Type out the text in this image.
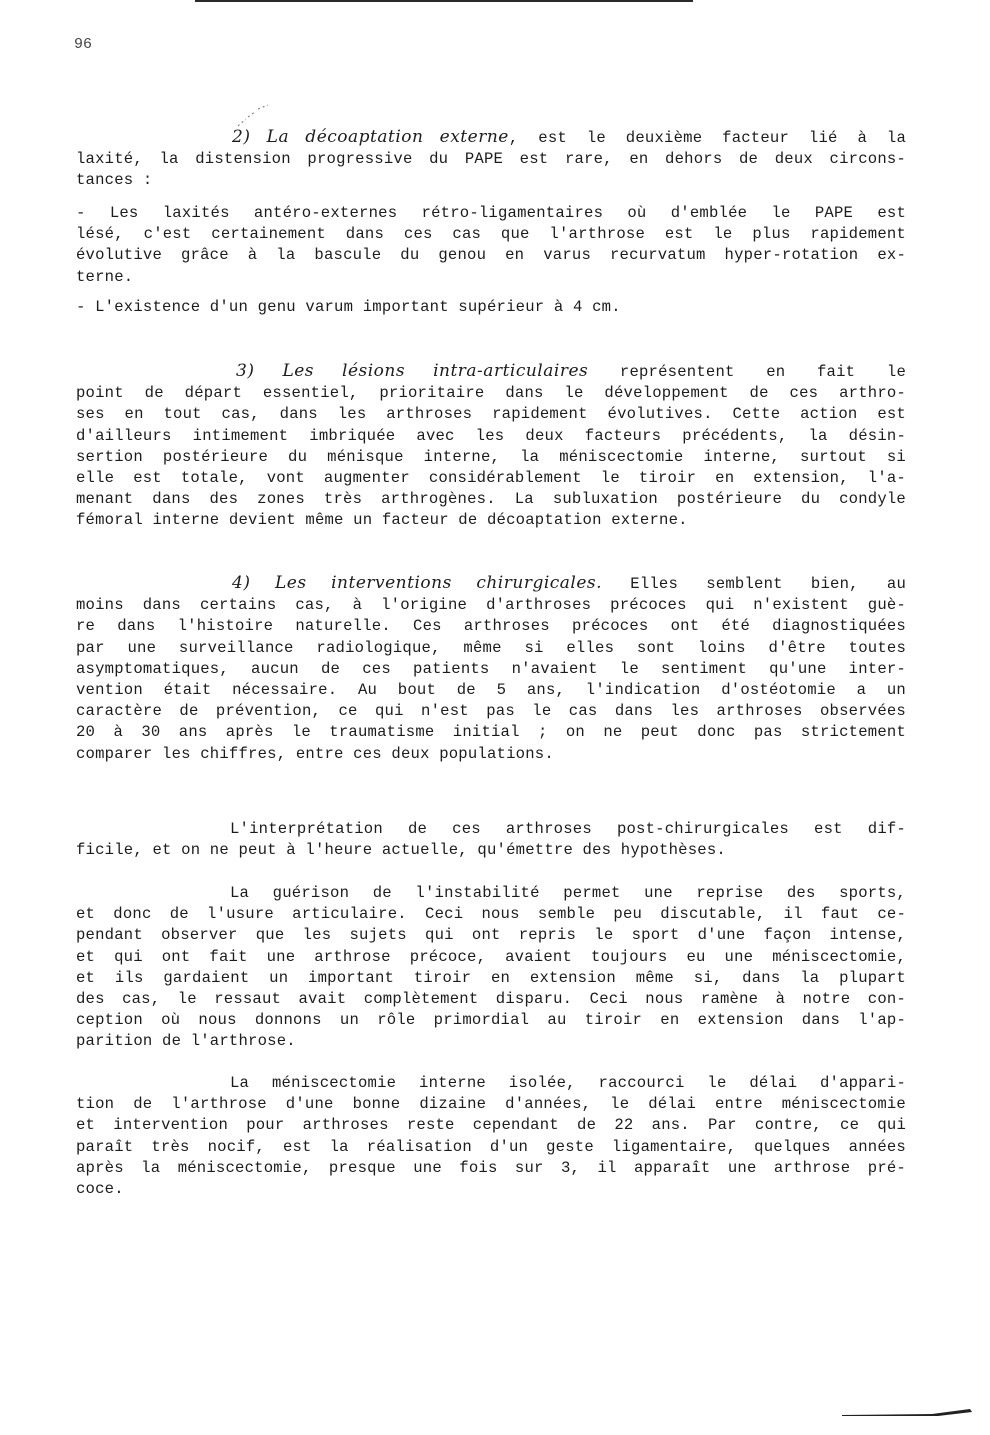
96
2) La décoaptation externe, est le deuxième facteur lié à la
laxité, la distension progressive du PAPE est rare, en dehors de deux circons-
tances :
- Les laxités antéro-externes rétro-ligamentaires où d'emblée le PAPE est
lésé, c'est certainement dans ces cas que l'arthrose est le plus rapidement
évolutive grâce à la bascule du genou en varus recurvatum hyper-rotation ex-
terne.
- L'existence d'un genu varum important supérieur à 4 cm.
3) Les lésions intra-articulaires représentent en fait le
point de départ essentiel, prioritaire dans le développement de ces arthro-
ses en tout cas, dans les arthroses rapidement évolutives. Cette action est
d'ailleurs intimement imbriquée avec les deux facteurs précédents, la désin-
sertion postérieure du ménisque interne, la méniscectomie interne, surtout si
elle est totale, vont augmenter considérablement le tiroir en extension, l'a-
menant dans des zones très arthrogènes. La subluxation postérieure du condyle
fémoral interne devient même un facteur de décoaptation externe.
4) Les interventions chirurgicales. Elles semblent bien, au
moins dans certains cas, à l'origine d'arthroses précoces qui n'existent guè-
re dans l'histoire naturelle. Ces arthroses précoces ont été diagnostiquées
par une surveillance radiologique, même si elles sont loins d'être toutes
asymptomatiques, aucun de ces patients n'avaient le sentiment qu'une inter-
vention était nécessaire. Au bout de 5 ans, l'indication d'ostéotomie a un
caractère de prévention, ce qui n'est pas le cas dans les arthroses observées
20 à 30 ans après le traumatisme initial ; on ne peut donc pas strictement
comparer les chiffres, entre ces deux populations.
L'interprétation de ces arthroses post-chirurgicales est dif-
ficile, et on ne peut à l'heure actuelle, qu'émettre des hypothèses.
La guérison de l'instabilité permet une reprise des sports,
et donc de l'usure articulaire. Ceci nous semble peu discutable, il faut ce-
pendant observer que les sujets qui ont repris le sport d'une façon intense,
et qui ont fait une arthrose précoce, avaient toujours eu une méniscectomie,
et ils gardaient un important tiroir en extension même si, dans la plupart
des cas, le ressaut avait complètement disparu. Ceci nous ramène à notre con-
ception où nous donnons un rôle primordial au tiroir en extension dans l'ap-
parition de l'arthrose.
La méniscectomie interne isolée, raccourci le délai d'appari-
tion de l'arthrose d'une bonne dizaine d'années, le délai entre méniscectomie
et intervention pour arthroses reste cependant de 22 ans. Par contre, ce qui
paraît très nocif, est la réalisation d'un geste ligamentaire, quelques années
après la méniscectomie, presque une fois sur 3, il apparaît une arthrose pré-
coce.
